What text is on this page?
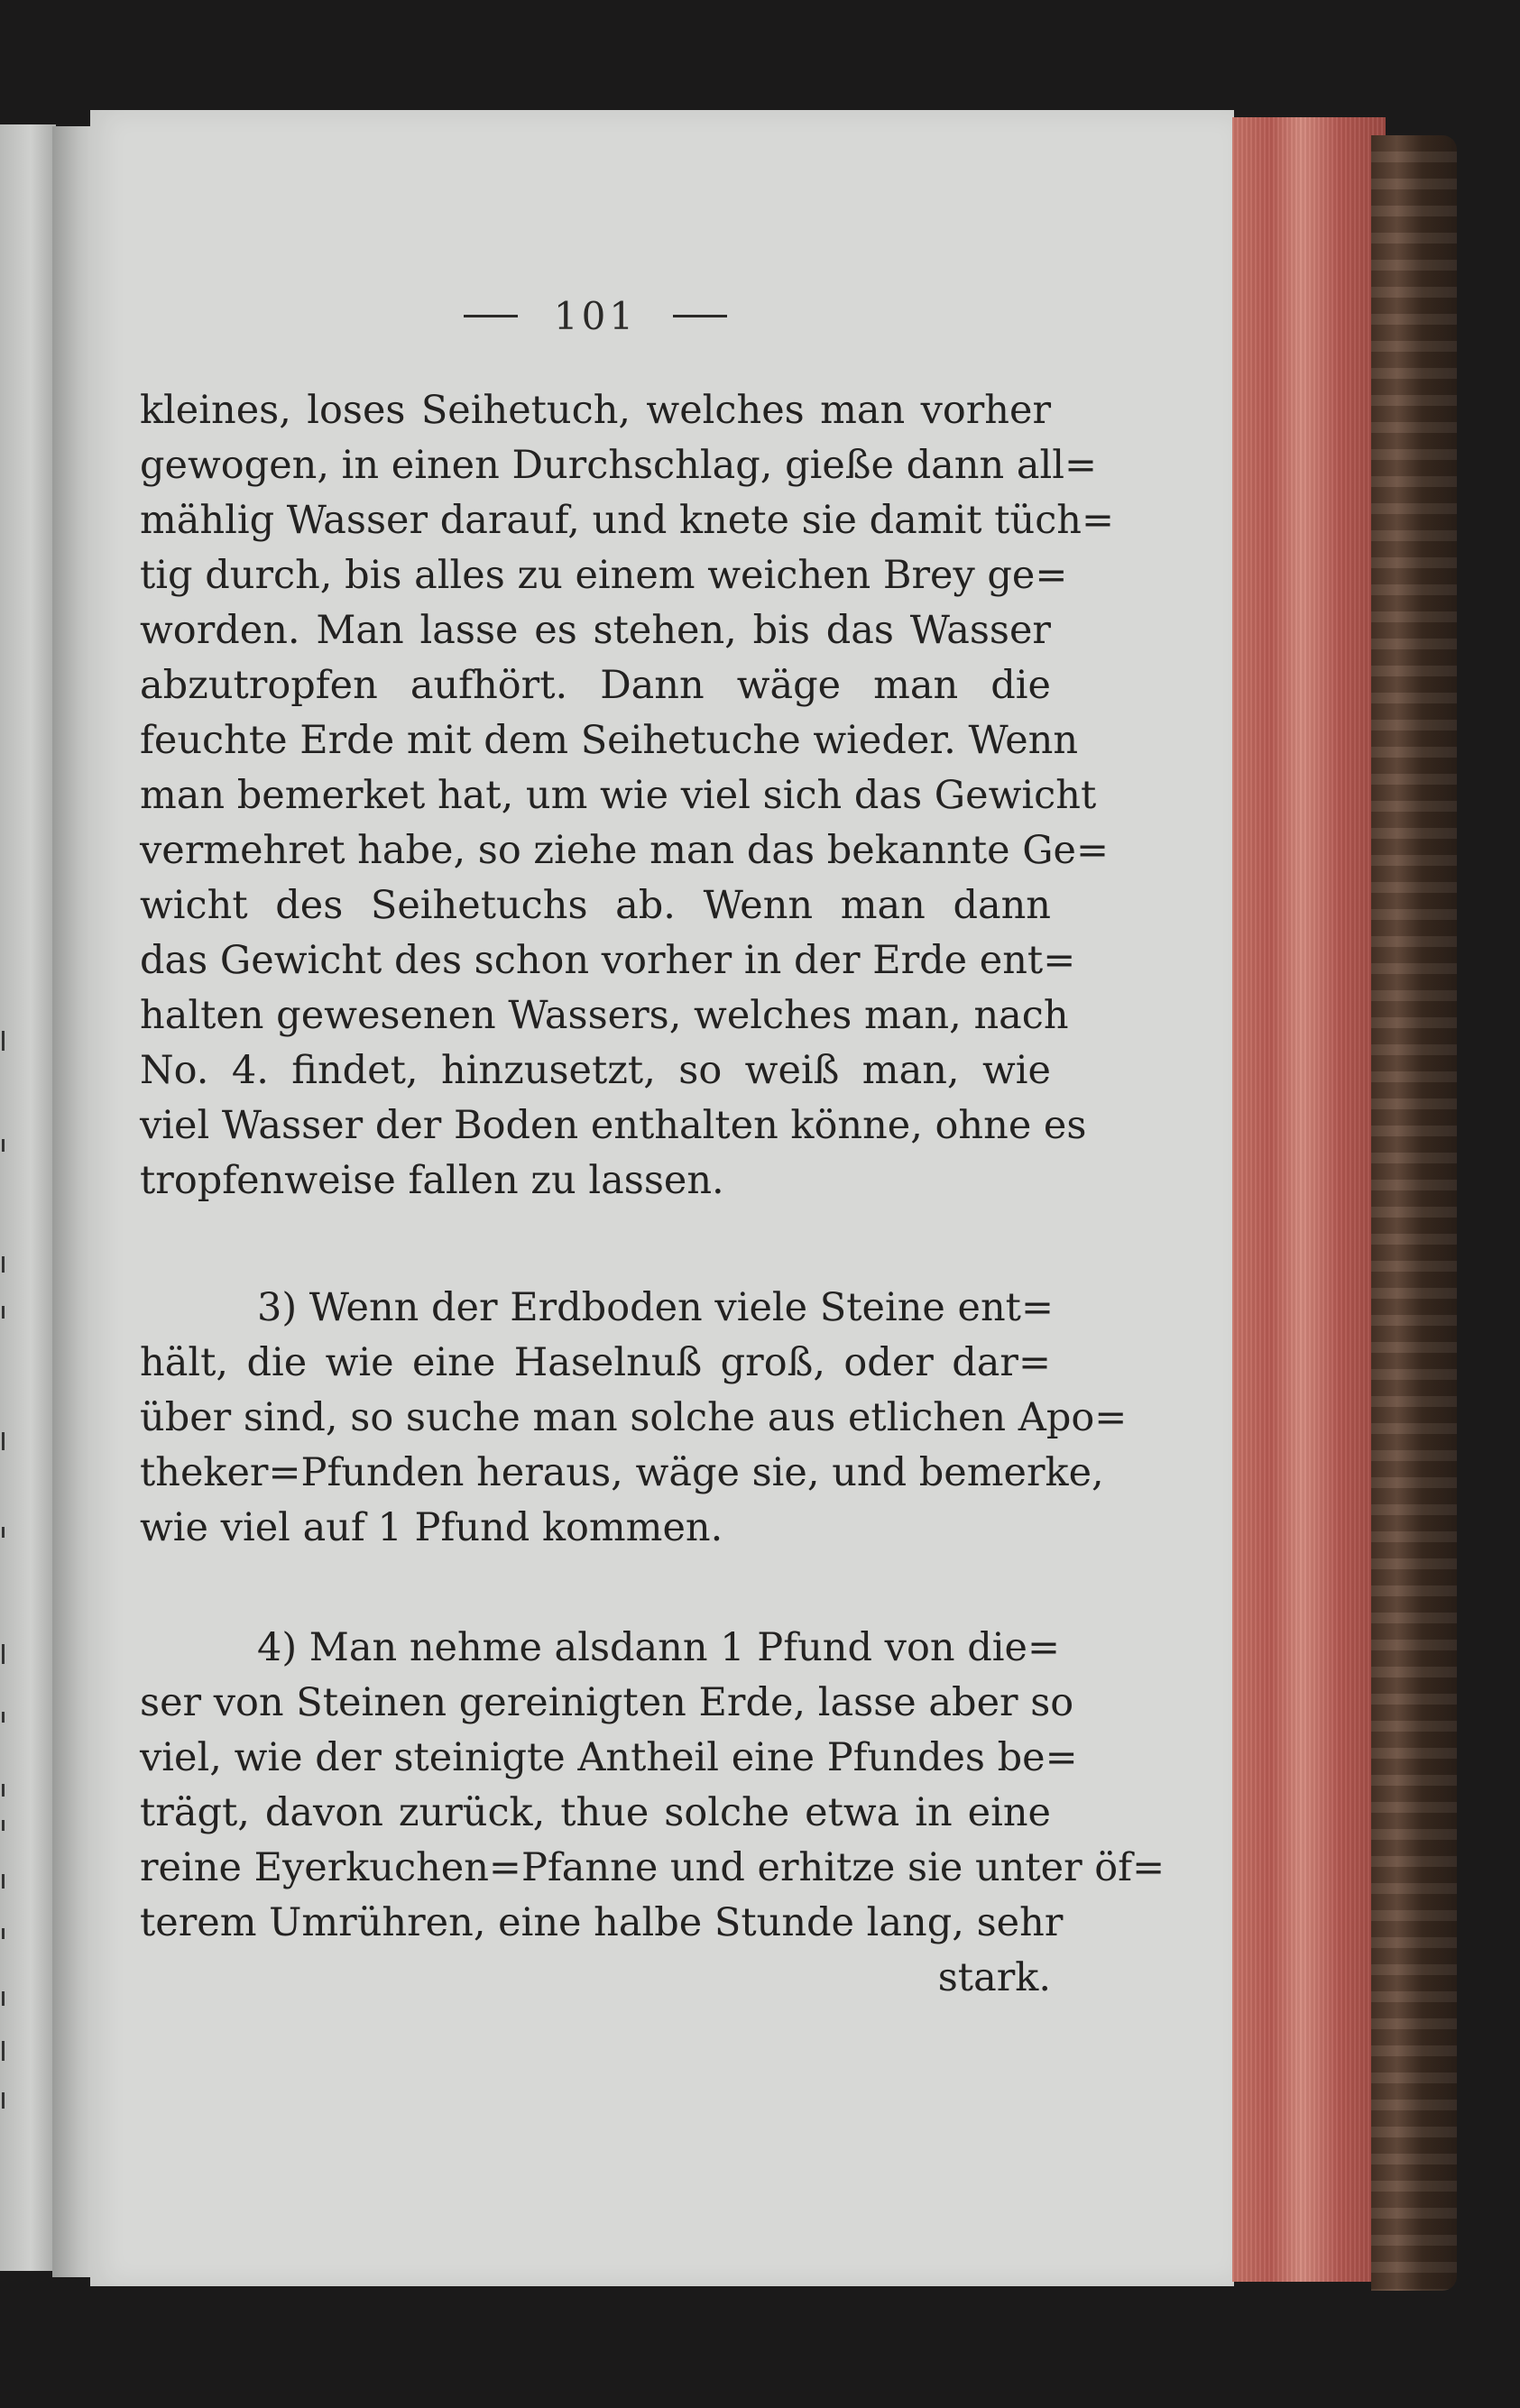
101
kleines, loses Seihetuch, welches man vorher
gewogen, in einen Durchschlag, gieße dann all=
mählig Wasser darauf, und knete sie damit tüch=
tig durch, bis alles zu einem weichen Brey ge=
worden. Man lasse es stehen, bis das Wasser
abzutropfen aufhört. Dann wäge man die
feuchte Erde mit dem Seihetuche wieder. Wenn
man bemerket hat, um wie viel sich das Gewicht
vermehret habe, so ziehe man das bekannte Ge=
wicht des Seihetuchs ab. Wenn man dann
das Gewicht des schon vorher in der Erde ent=
halten gewesenen Wassers, welches man, nach
No. 4. findet, hinzusetzt, so weiß man, wie
viel Wasser der Boden enthalten könne, ohne es
tropfenweise fallen zu lassen.
3) Wenn der Erdboden viele Steine ent=
hält, die wie eine Haselnuß groß, oder dar=
über sind, so suche man solche aus etlichen Apo=
theker=Pfunden heraus, wäge sie, und bemerke,
wie viel auf 1 Pfund kommen.
4) Man nehme alsdann 1 Pfund von die=
ser von Steinen gereinigten Erde, lasse aber so
viel, wie der steinigte Antheil eine Pfundes be=
trägt, davon zurück, thue solche etwa in eine
reine Eyerkuchen=Pfanne und erhitze sie unter öf=
terem Umrühren, eine halbe Stunde lang, sehr
stark.
